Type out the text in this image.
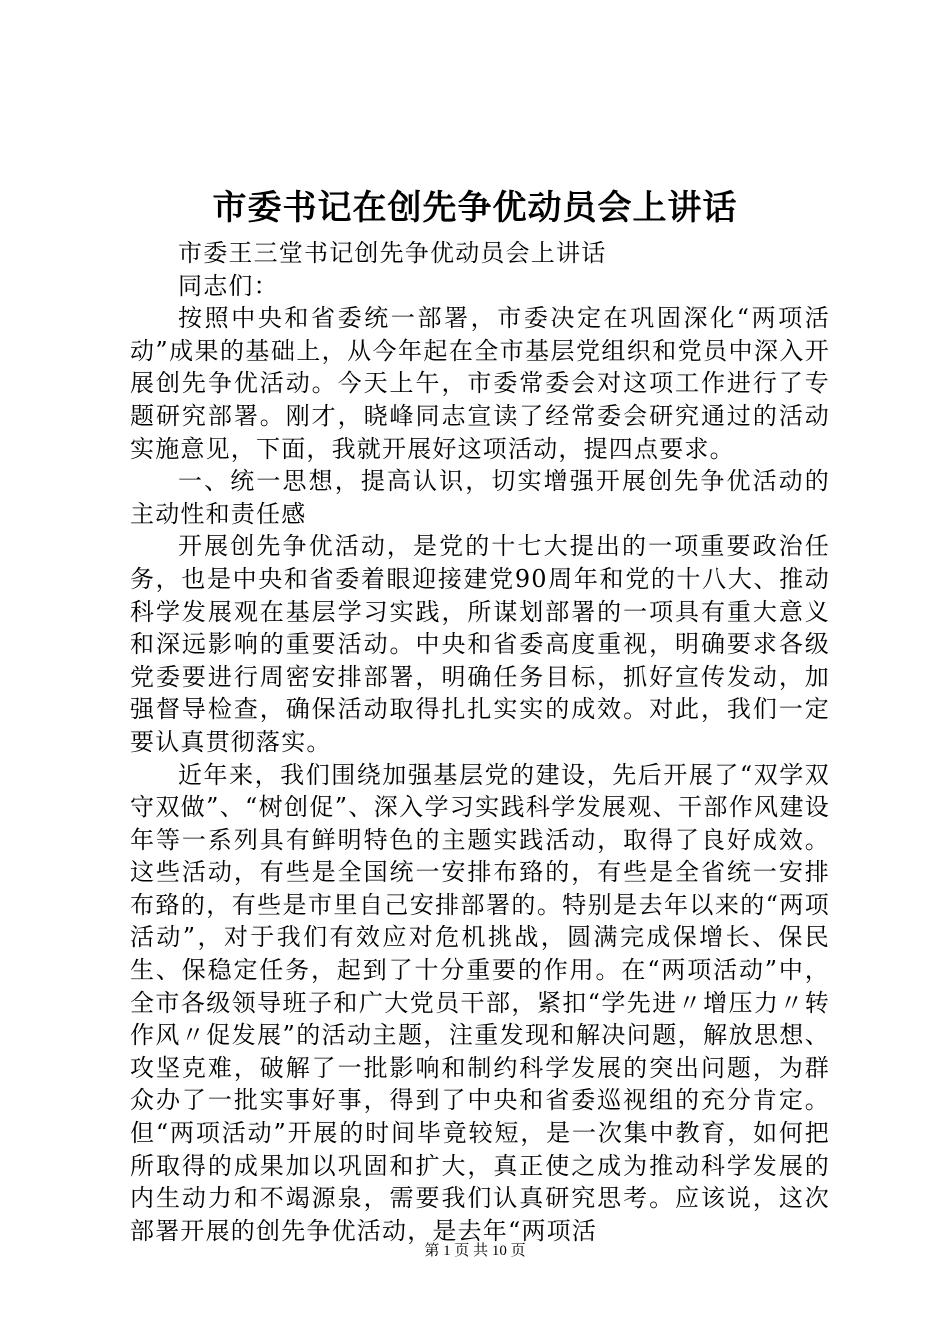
市委书记在创先争优动员会上讲话

市委王三堂书记创先争优动员会上讲话

同志们：

按照中央和省委统一部署，市委决定在巩固深化“两项活动”成果的基础上，从今年起在全市基层党组织和党员中深入开展创先争优活动。今天上午，市委常委会对这项工作进行了专题研究部署。刚才，晓峰同志宣读了经常委会研究通过的活动实施意见，下面，我就开展好这项活动，提四点要求。

一、统一思想，提高认识，切实增强开展创先争优活动的主动性和责任感

开展创先争优活动，是党的十七大提出的一项重要政治任务，也是中央和省委着眼迎接建党90周年和党的十八大、推动科学发展观在基层学习实践，所谋划部署的一项具有重大意义和深远影响的重要活动。中央和省委高度重视，明确要求各级党委要进行周密安排部署，明确任务目标，抓好宣传发动，加强督导检查，确保活动取得扎扎实实的成效。对此，我们一定要认真贯彻落实。

近年来，我们围绕加强基层党的建设，先后开展了“双学双守双做”、“树创促”、深入学习实践科学发展观、干部作风建设年等一系列具有鲜明特色的主题实践活动，取得了良好成效。这些活动，有些是全国统一安排布臵的，有些是全省统一安排布臵的，有些是市里自己安排部署的。特别是去年以来的“两项活动”，对于我们有效应对危机挑战，圆满完成保增长、保民生、保稳定任务，起到了十分重要的作用。在“两项活动”中，全市各级领导班子和广大党员干部，紧扣“学先进〃增压力〃转作风〃促发展”的活动主题，注重发现和解决问题，解放思想、攻坚克难，破解了一批影响和制约科学发展的突出问题，为群众办了一批实事好事，得到了中央和省委巡视组的充分肯定。但“两项活动”开展的时间毕竟较短，是一次集中教育，如何把所取得的成果加以巩固和扩大，真正使之成为推动科学发展的内生动力和不竭源泉，需要我们认真研究思考。应该说，这次部署开展的创先争优活动，是去年“两项活

第 1 页 共 10 页
